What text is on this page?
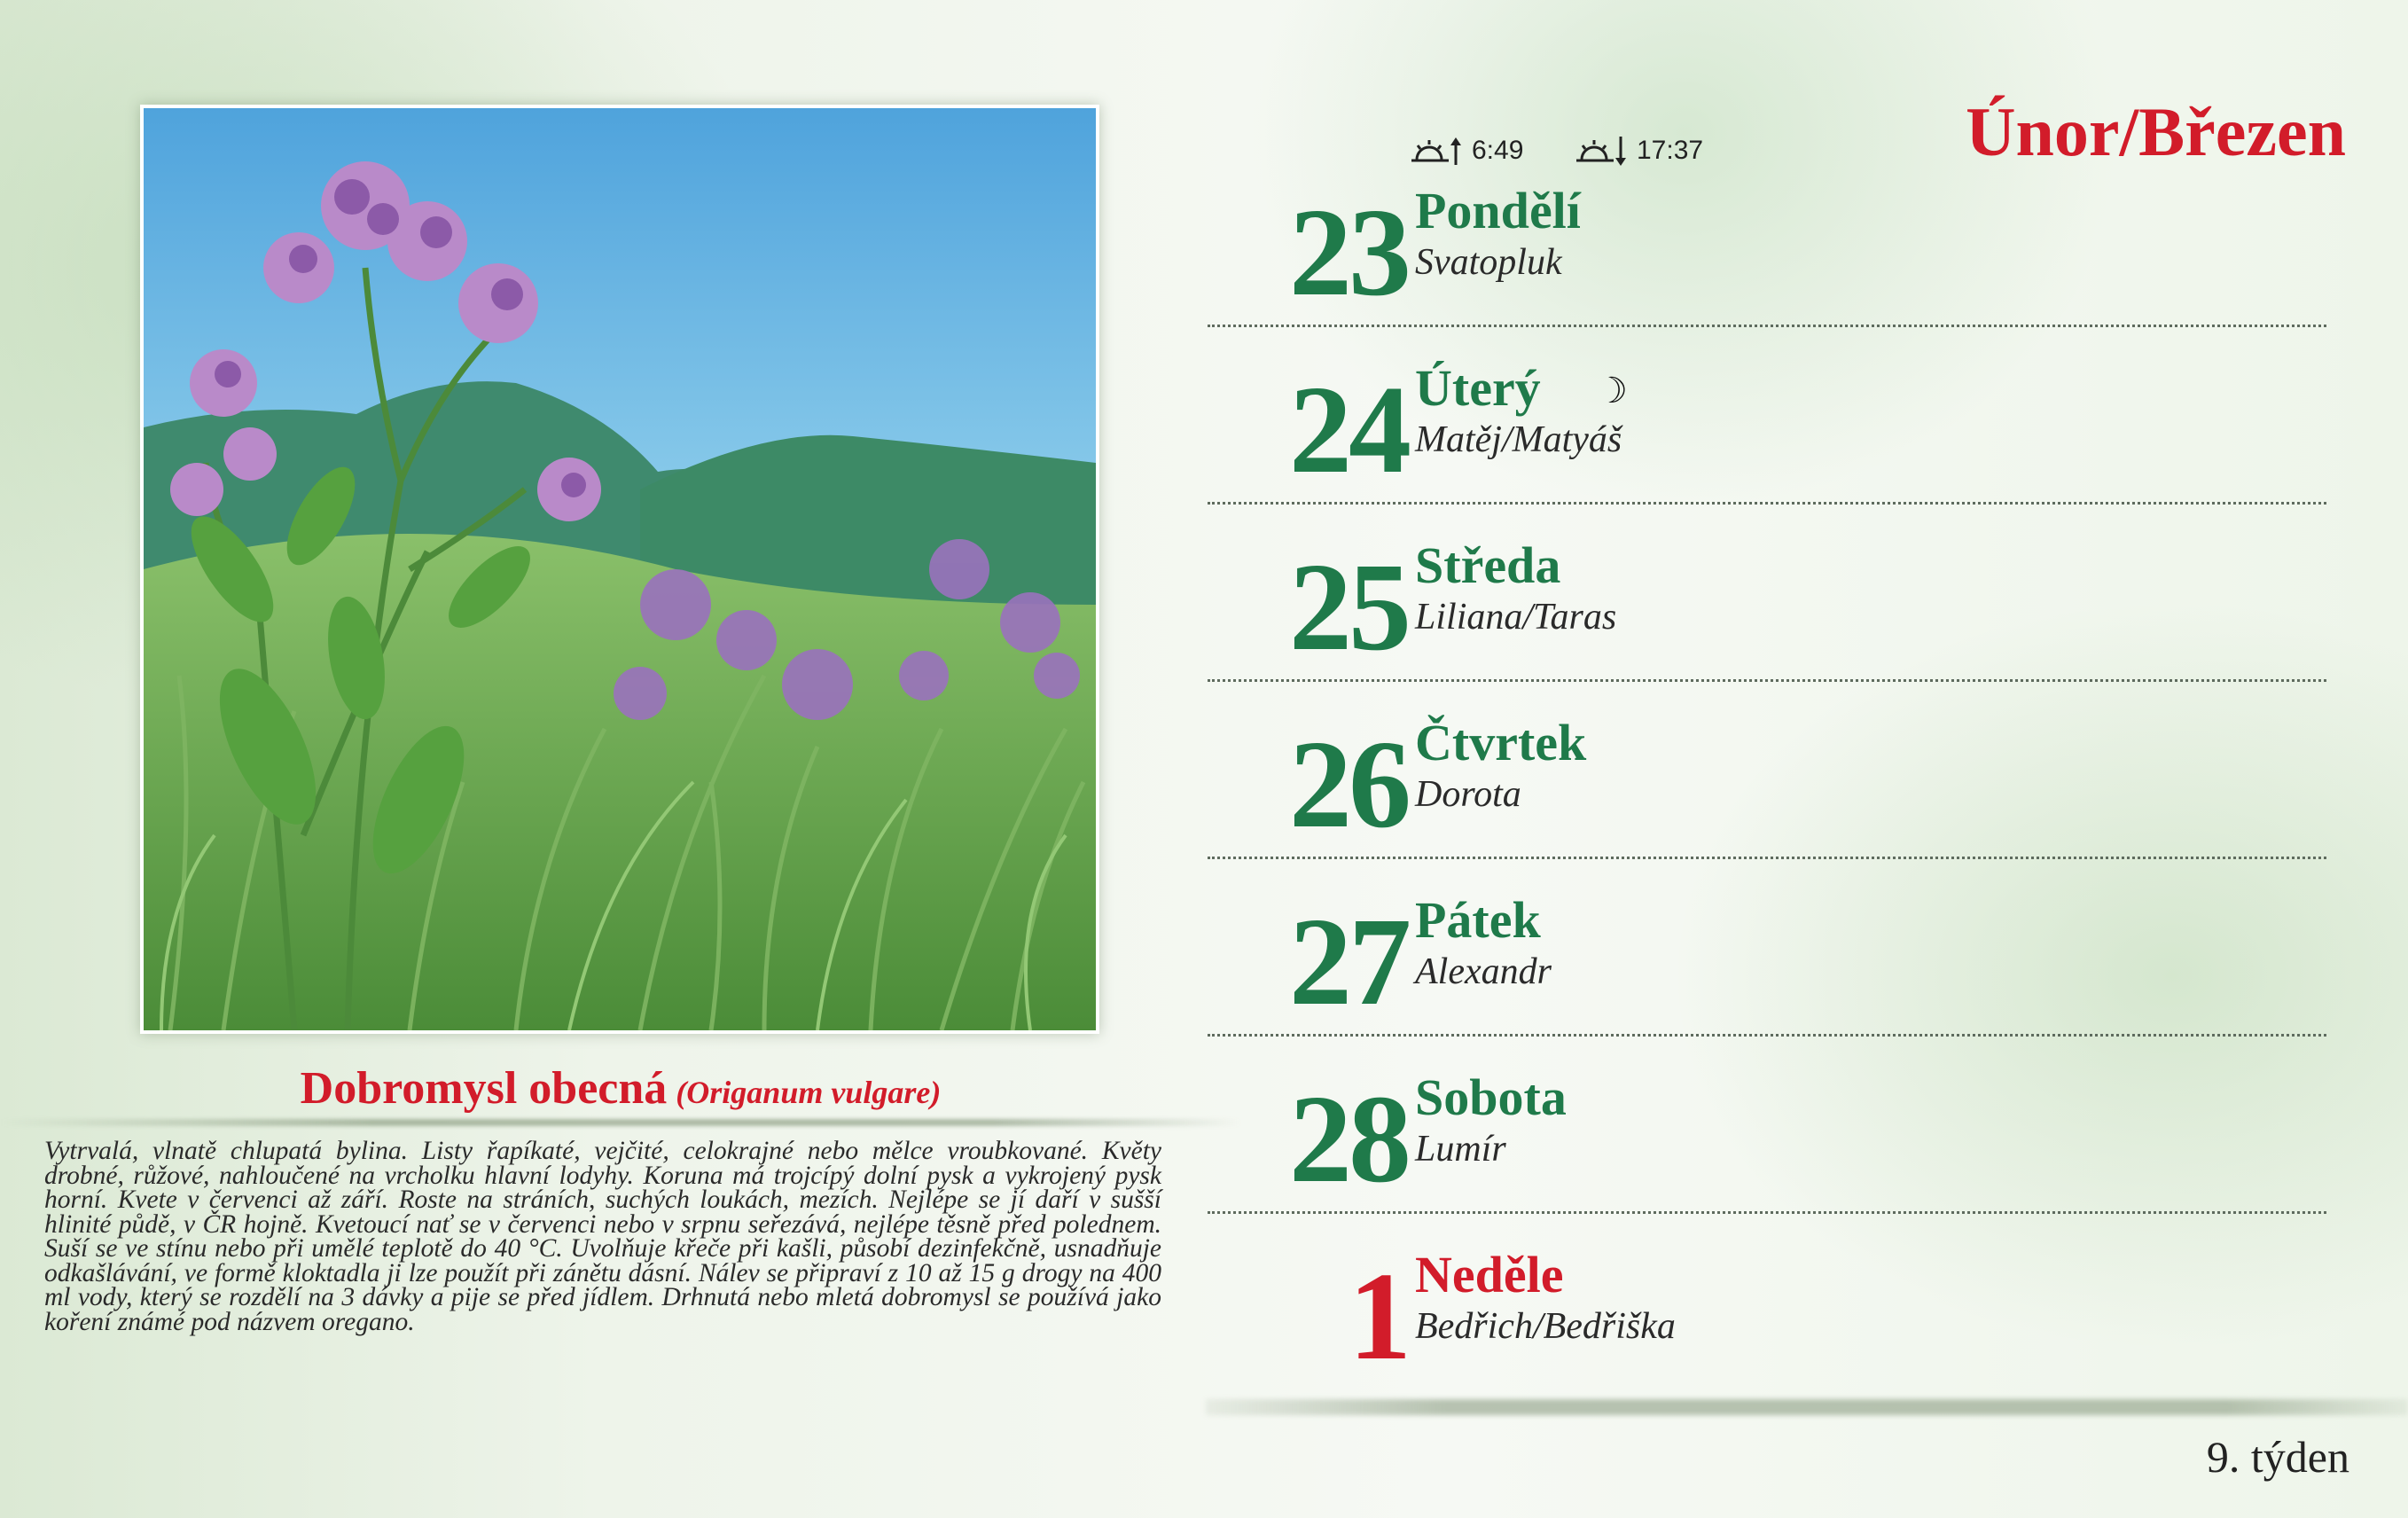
Dobromysl obecná (Origanum vulgare)

Vytrvalá, vlnatě chlupatá bylina. Listy řapíkaté, vejčité, celokrajné nebo mělce vroubkované. Květy drobné, růžové, nahloučené na vrcholku hlavní lodyhy. Koruna má trojcípý dolní pysk a vykrojený pysk horní. Kvete v červenci až září. Roste na stráních, suchých loukách, mezích. Nejlépe se jí daří v sušší hlinité půdě, v ČR hojně. Kvetoucí nať se v červenci nebo v srpnu seřezává, nejlépe těsně před polednem. Suší se ve stínu nebo při umělé teplotě do 40 °C. Uvolňuje křeče při kašli, působí dezinfekčně, usnadňuje odkašlávání, ve formě kloktadla ji lze použít při zánětu dásní. Nálev se připraví z 10 až 15 g drogy na 400 ml vody, který se rozdělí na 3 dávky a pije se před jídlem. Drhnutá nebo mletá dobromysl se používá jako koření známé pod názvem oregano.

6:49	17:37	Únor/Březen
23 Pondělí
Svatopluk
24 Úterý ☽
Matěj/Matyáš
25 Středa
Liliana/Taras
26 Čtvrtek
Dorota
27 Pátek
Alexandr
28 Sobota
Lumír
1 Neděle
Bedřich/Bedřiška
9. týden
